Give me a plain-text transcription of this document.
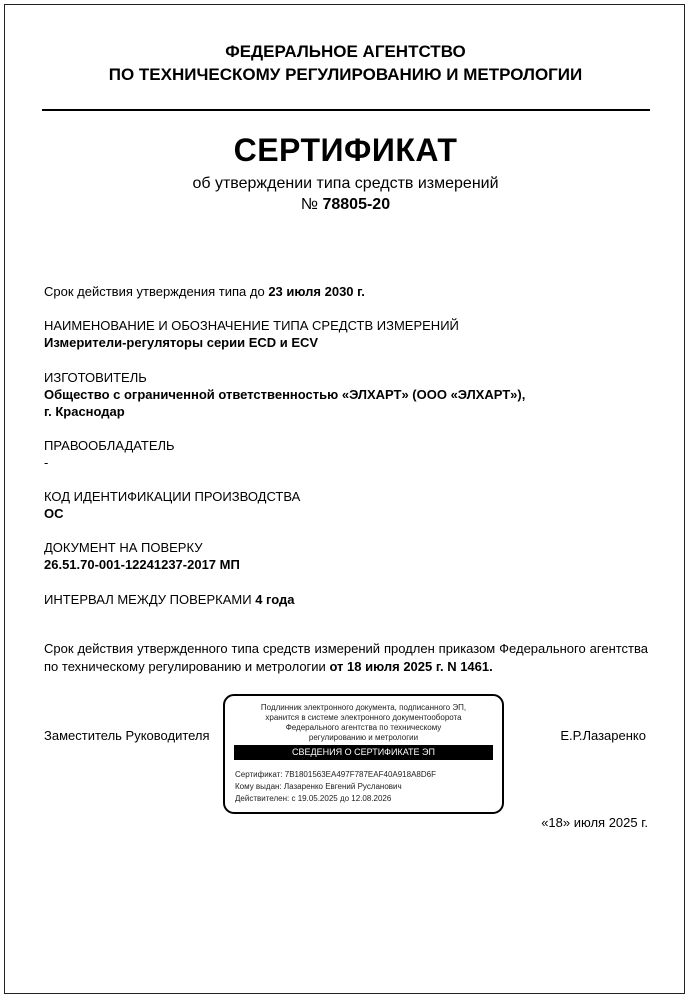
ФЕДЕРАЛЬНОЕ АГЕНТСТВО
ПО ТЕХНИЧЕСКОМУ РЕГУЛИРОВАНИЮ И МЕТРОЛОГИИ
СЕРТИФИКАТ
об утверждении типа средств измерений
№ 78805-20
Срок действия утверждения типа до 23 июля 2030 г.
НАИМЕНОВАНИЕ И ОБОЗНАЧЕНИЕ ТИПА СРЕДСТВ ИЗМЕРЕНИЙ
Измерители-регуляторы серии ECD и ECV
ИЗГОТОВИТЕЛЬ
Общество с ограниченной ответственностью «ЭЛХАРТ» (ООО «ЭЛХАРТ»),
г. Краснодар
ПРАВООБЛАДАТЕЛЬ
-
КОД ИДЕНТИФИКАЦИИ ПРОИЗВОДСТВА
ОС
ДОКУМЕНТ НА ПОВЕРКУ
26.51.70-001-12241237-2017 МП
ИНТЕРВАЛ МЕЖДУ ПОВЕРКАМИ 4 года
Срок действия утвержденного типа средств измерений продлен приказом Федерального агентства по техническому регулированию и метрологии от 18 июля 2025 г. N 1461.
Заместитель Руководителя	Е.Р.Лазаренко
Подлинник электронного документа, подписанного ЭП,
хранится в системе электронного документооборота
Федерального агентства по техническому
регулированию и метрологии
СВЕДЕНИЯ О СЕРТИФИКАТЕ ЭП
Сертификат: 7B1801563EA497F787EAF40A918A8D6F
Кому выдан: Лазаренко Евгений Русланович
Действителен: с 19.05.2025 до 12.08.2026
«18» июля 2025 г.
